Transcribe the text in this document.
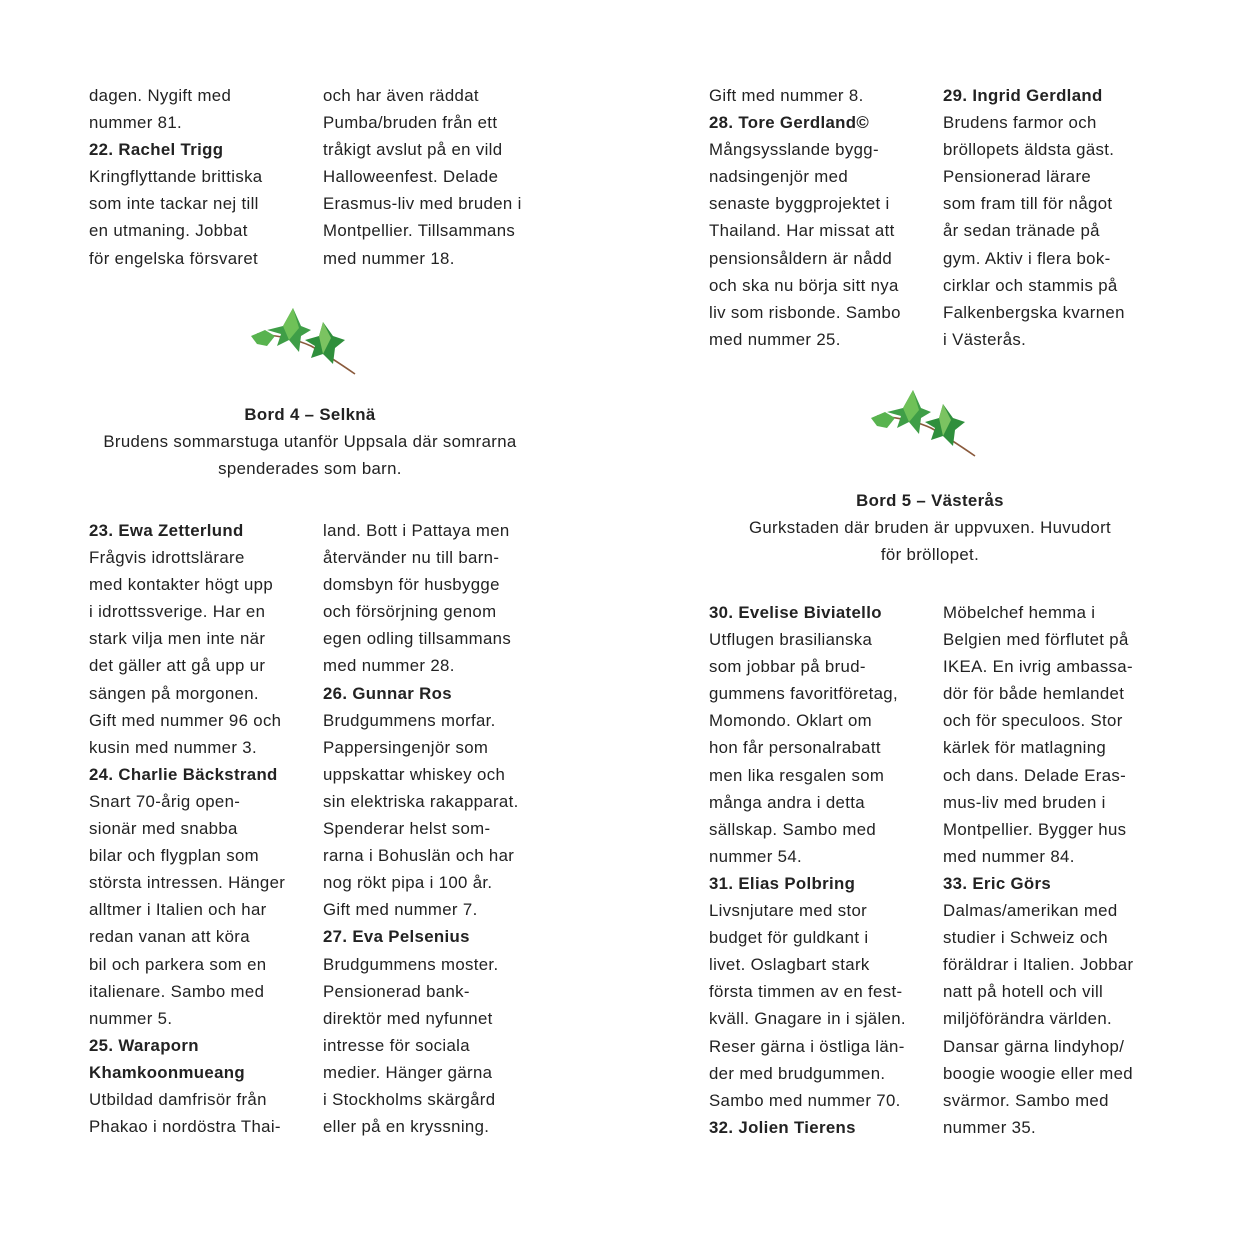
dagen. Nygift med
nummer 81.
22. Rachel Trigg
Kringflyttande brittiska
som inte tackar nej till
en utmaning. Jobbat
för engelska försvaret
och har även räddat
Pumba/bruden från ett
tråkigt avslut på en vild
Halloweenfest. Delade
Erasmus-liv med bruden i
Montpellier. Tillsammans
med nummer 18.
Bord 4 – Selknä
Brudens sommarstuga utanför Uppsala där somrarna
spenderades som barn.
23. Ewa Zetterlund
Frågvis idrottslärare
med kontakter högt upp
i idrottssverige. Har en
stark vilja men inte när
det gäller att gå upp ur
sängen på morgonen.
Gift med nummer 96 och
kusin med nummer 3.
24. Charlie Bäckstrand
Snart 70-årig open-
sionär med snabba
bilar och flygplan som
största intressen. Hänger
alltmer i Italien och har
redan vanan att köra
bil och parkera som en
italienare. Sambo med
nummer 5.
25. Waraporn
Khamkoonmueang
Utbildad damfrisör från
Phakao i nordöstra Thai-
land. Bott i Pattaya men
återvänder nu till barn-
domsbyn för husbygge
och försörjning genom
egen odling tillsammans
med nummer 28.
26. Gunnar Ros
Brudgummens morfar.
Pappersingenjör som
uppskattar whiskey och
sin elektriska rakapparat.
Spenderar helst som-
rarna i Bohuslän och har
nog rökt pipa i 100 år.
Gift med nummer 7.
27. Eva Pelsenius
Brudgummens moster.
Pensionerad bank-
direktör med nyfunnet
intresse för sociala
medier. Hänger gärna
i Stockholms skärgård
eller på en kryssning.
Gift med nummer 8.
28. Tore Gerdland©
Mångsysslande bygg-
nadsingenjör med
senaste byggprojektet i
Thailand. Har missat att
pensionsåldern är nådd
och ska nu börja sitt nya
liv som risbonde. Sambo
med nummer 25.
29. Ingrid Gerdland
Brudens farmor och
bröllopets äldsta gäst.
Pensionerad lärare
som fram till för något
år sedan tränade på
gym. Aktiv i flera bok-
cirklar och stammis på
Falkenbergska kvarnen
i Västerås.
Bord 5 – Västerås
Gurkstaden där bruden är uppvuxen. Huvudort
för bröllopet.
30. Evelise Biviatello
Utflugen brasilianska
som jobbar på brud-
gummens favoritföretag,
Momondo. Oklart om
hon får personalrabatt
men lika resgalen som
många andra i detta
sällskap. Sambo med
nummer 54.
31. Elias Polbring
Livsnjutare med stor
budget för guldkant i
livet. Oslagbart stark
första timmen av en fest-
kväll. Gnagare in i själen.
Reser gärna i östliga län-
der med brudgummen.
Sambo med nummer 70.
32. Jolien Tierens
Möbelchef hemma i
Belgien med förflutet på
IKEA. En ivrig ambassa-
dör för både hemlandet
och för speculoos. Stor
kärlek för matlagning
och dans. Delade Eras-
mus-liv med bruden i
Montpellier. Bygger hus
med nummer 84.
33. Eric Görs
Dalmas/amerikan med
studier i Schweiz och
föräldrar i Italien. Jobbar
natt på hotell och vill
miljöförändra världen.
Dansar gärna lindyhop/
boogie woogie eller med
svärmor. Sambo med
nummer 35.
